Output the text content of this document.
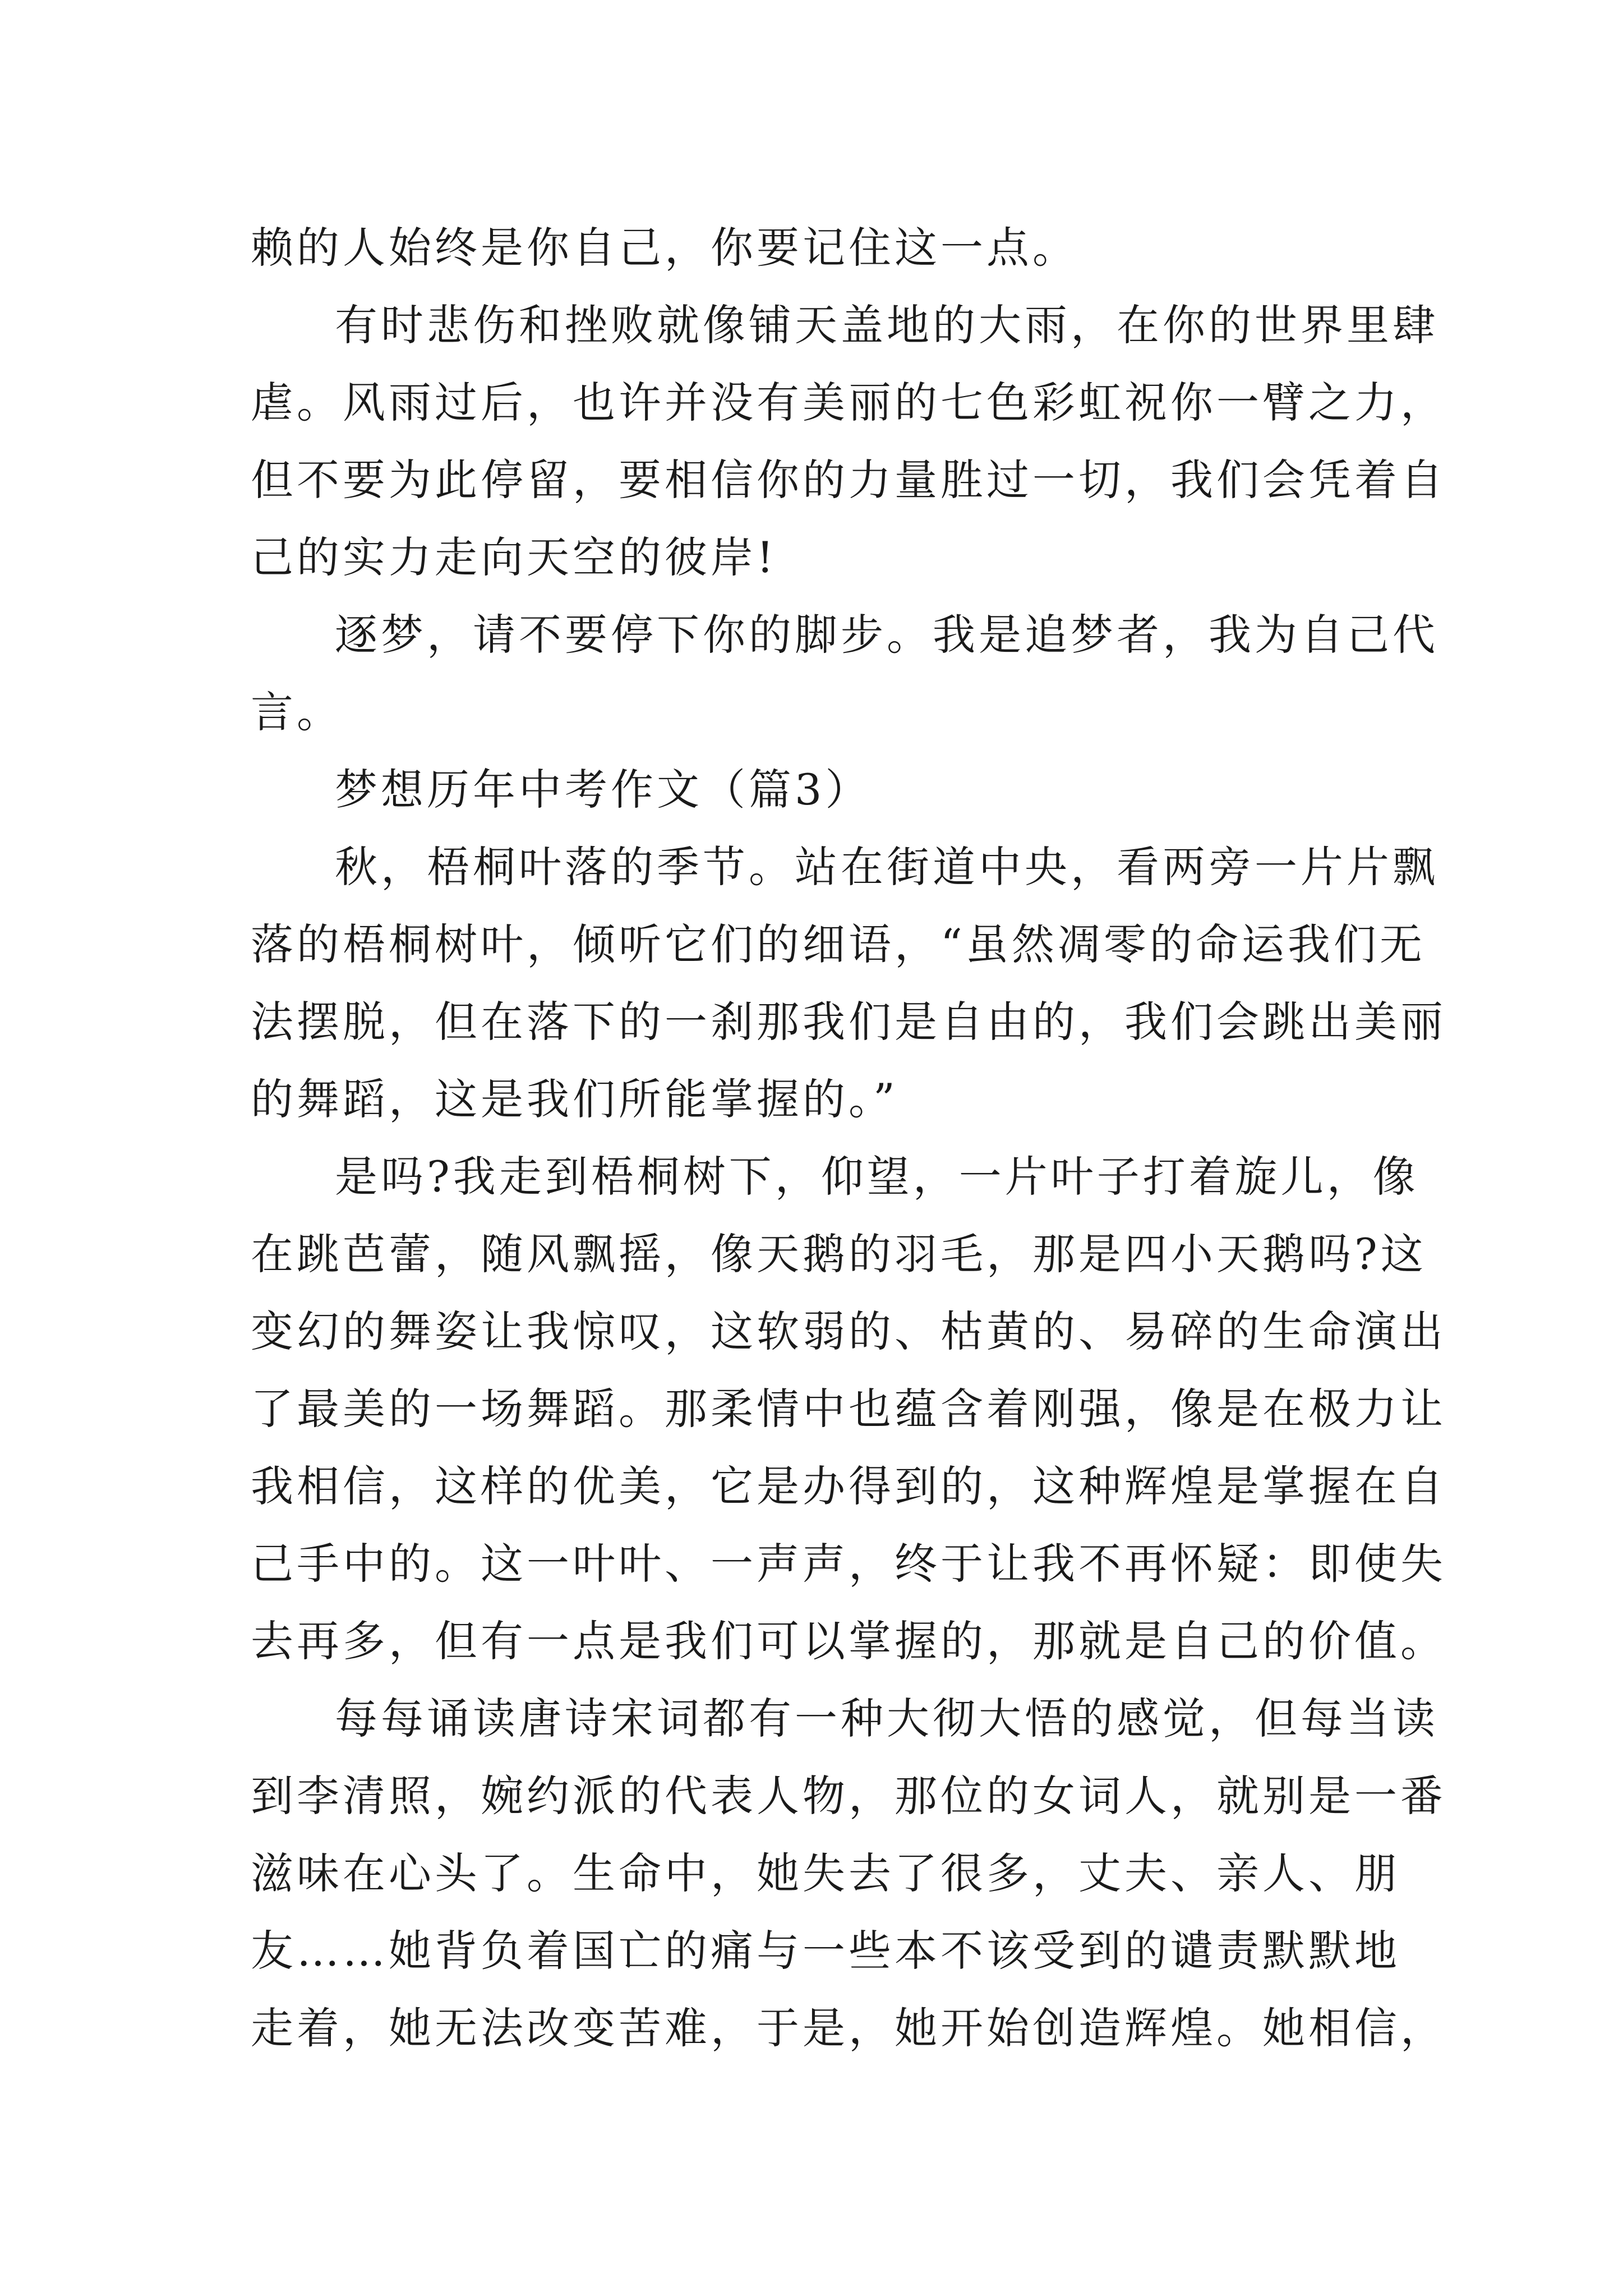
赖的人始终是你自己，你要记住这一点。
有时悲伤和挫败就像铺天盖地的大雨，在你的世界里肆
虐。风雨过后，也许并没有美丽的七色彩虹祝你一臂之力，
但不要为此停留，要相信你的力量胜过一切，我们会凭着自
己的实力走向天空的彼岸!
逐梦，请不要停下你的脚步。我是追梦者，我为自己代
言。
梦想历年中考作文（篇3）
秋，梧桐叶落的季节。站在街道中央，看两旁一片片飘
落的梧桐树叶，倾听它们的细语，“虽然凋零的命运我们无
法摆脱，但在落下的一刹那我们是自由的，我们会跳出美丽
的舞蹈，这是我们所能掌握的。”
是吗?我走到梧桐树下，仰望，一片叶子打着旋儿，像
在跳芭蕾，随风飘摇，像天鹅的羽毛，那是四小天鹅吗?这
变幻的舞姿让我惊叹，这软弱的、枯黄的、易碎的生命演出
了最美的一场舞蹈。那柔情中也蕴含着刚强，像是在极力让
我相信，这样的优美，它是办得到的，这种辉煌是掌握在自
己手中的。这一叶叶、一声声，终于让我不再怀疑：即使失
去再多，但有一点是我们可以掌握的，那就是自己的价值。
每每诵读唐诗宋词都有一种大彻大悟的感觉，但每当读
到李清照，婉约派的代表人物，那位的女词人，就别是一番
滋味在心头了。生命中，她失去了很多，丈夫、亲人、朋
友……她背负着国亡的痛与一些本不该受到的谴责默默地
走着，她无法改变苦难，于是，她开始创造辉煌。她相信，
